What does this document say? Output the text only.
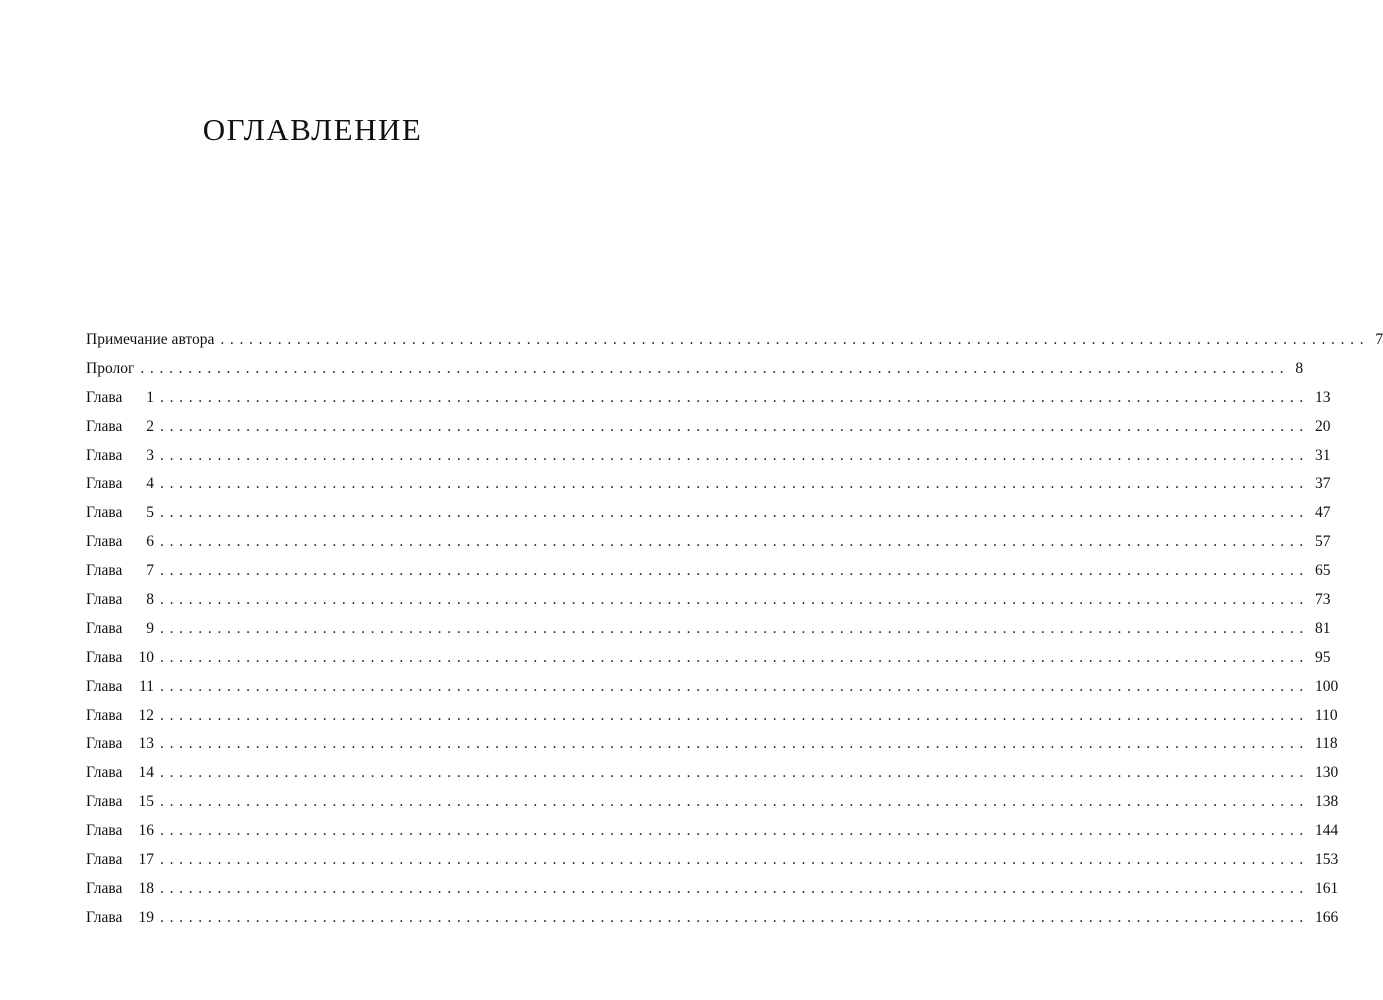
ОГЛАВЛЕНИЕ
Примечание автора ........................................................................................................................ 7
Пролог ........................................................................................................................ 8
Глава 1 ........................................................................................................................ 13
Глава 2 ........................................................................................................................ 20
Глава 3 ........................................................................................................................ 31
Глава 4 ........................................................................................................................ 37
Глава 5 ........................................................................................................................ 47
Глава 6 ........................................................................................................................ 57
Глава 7 ........................................................................................................................ 65
Глава 8 ........................................................................................................................ 73
Глава 9 ........................................................................................................................ 81
Глава 10 ........................................................................................................................ 95
Глава 11 ........................................................................................................................ 100
Глава 12 ........................................................................................................................ 110
Глава 13 ........................................................................................................................ 118
Глава 14 ........................................................................................................................ 130
Глава 15 ........................................................................................................................ 138
Глава 16 ........................................................................................................................ 144
Глава 17 ........................................................................................................................ 153
Глава 18 ........................................................................................................................ 161
Глава 19 ........................................................................................................................ 166
